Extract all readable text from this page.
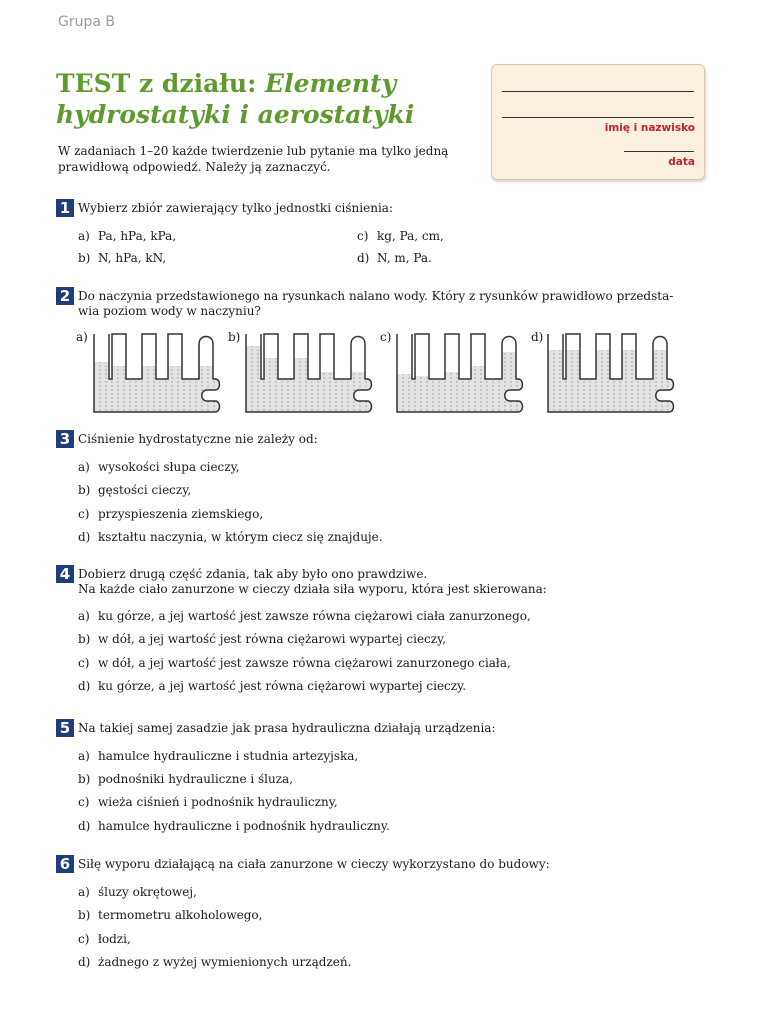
Grupa B
TEST z działu: Elementy
hydrostatyki i aerostatyki	imię i nazwisko
data
W zadaniach 1–20 każde twierdzenie lub pytanie ma tylko jedną prawidłową odpowiedź. Należy ją zaznaczyć.
1 Wybierz zbiór zawierający tylko jednostki ciśnienia:
a) Pa, hPa, kPa,	c) kg, Pa, cm,
b) N, hPa, kN,	d) N, m, Pa.
2 Do naczynia przedstawionego na rysunkach nalano wody. Który z rysunków prawidłowo przedsta-
wia poziom wody w naczyniu?
a)	b)	c)	d)
3 Ciśnienie hydrostatyczne nie zależy od:
a) wysokości słupa cieczy,
b) gęstości cieczy,
c) przyspieszenia ziemskiego,
d) kształtu naczynia, w którym ciecz się znajduje.
4 Dobierz drugą część zdania, tak aby było ono prawdziwe.
Na każde ciało zanurzone w cieczy działa siła wyporu, która jest skierowana:
a) ku górze, a jej wartość jest zawsze równa ciężarowi ciała zanurzonego,
b) w dół, a jej wartość jest równa ciężarowi wypartej cieczy,
c) w dół, a jej wartość jest zawsze równa ciężarowi zanurzonego ciała,
d) ku górze, a jej wartość jest równa ciężarowi wypartej cieczy.
5 Na takiej samej zasadzie jak prasa hydrauliczna działają urządzenia:
a) hamulce hydrauliczne i studnia artezyjska,
b) podnośniki hydrauliczne i śluza,
c) wieża ciśnień i podnośnik hydrauliczny,
d) hamulce hydrauliczne i podnośnik hydrauliczny.
6 Siłę wyporu działającą na ciała zanurzone w cieczy wykorzystano do budowy:
a) śluzy okrętowej,
b) termometru alkoholowego,
c) łodzi,
d) żadnego z wyżej wymienionych urządzeń.
